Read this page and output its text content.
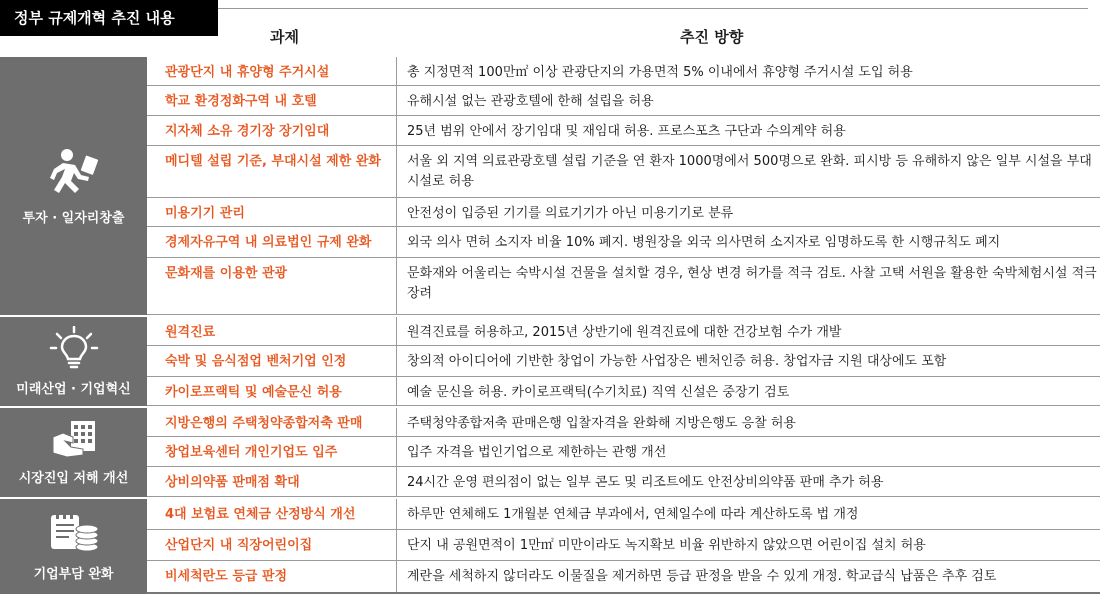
정부 규제개혁 추진 내용
과제	추진 방향
투자 · 일자리창출
관광단지 내 휴양형 주거시설	총 지정면적 100만㎡ 이상 관광단지의 가용면적 5% 이내에서 휴양형 주거시설 도입 허용
학교 환경정화구역 내 호텔	유해시설 없는 관광호텔에 한해 설립을 허용
지자체 소유 경기장 장기임대	25년 범위 안에서 장기임대 및 재임대 허용. 프로스포츠 구단과 수의계약 허용
메디텔 설립 기준, 부대시설 제한 완화	서울 외 지역 의료관광호텔 설립 기준을 연 환자 1000명에서 500명으로 완화. 피시방 등 유해하지 않은 일부 시설을 부대시설로 허용
미용기기 관리	안전성이 입증된 기기를 의료기기가 아닌 미용기기로 분류
경제자유구역 내 의료법인 규제 완화	외국 의사 면허 소지자 비율 10% 폐지. 병원장을 외국 의사면허 소지자로 임명하도록 한 시행규칙도 폐지
문화재를 이용한 관광	문화재와 어울리는 숙박시설 건물을 설치할 경우, 현상 변경 허가를 적극 검토. 사찰 고택 서원을 활용한 숙박체험시설 적극 장려
미래산업 · 기업혁신
원격진료	원격진료를 허용하고, 2015년 상반기에 원격진료에 대한 건강보험 수가 개발
숙박 및 음식점업 벤처기업 인정	창의적 아이디어에 기반한 창업이 가능한 사업장은 벤처인증 허용. 창업자금 지원 대상에도 포함
카이로프랙틱 및 예술문신 허용	예술 문신을 허용. 카이로프랙틱(수기치료) 직역 신설은 중장기 검토
시장진입 저해 개선
지방은행의 주택청약종합저축 판매	주택청약종합저축 판매은행 입찰자격을 완화해 지방은행도 응찰 허용
창업보육센터 개인기업도 입주	입주 자격을 법인기업으로 제한하는 관행 개선
상비의약품 판매점 확대	24시간 운영 편의점이 없는 일부 콘도 및 리조트에도 안전상비의약품 판매 추가 허용
기업부담 완화
4대 보험료 연체금 산정방식 개선	하루만 연체해도 1개월분 연체금 부과에서, 연체일수에 따라 계산하도록 법 개정
산업단지 내 직장어린이집	단지 내 공원면적이 1만㎡ 미만이라도 녹지확보 비율 위반하지 않았으면 어린이집 설치 허용
비세척란도 등급 판정	계란을 세척하지 않더라도 이물질을 제거하면 등급 판정을 받을 수 있게 개정. 학교급식 납품은 추후 검토
